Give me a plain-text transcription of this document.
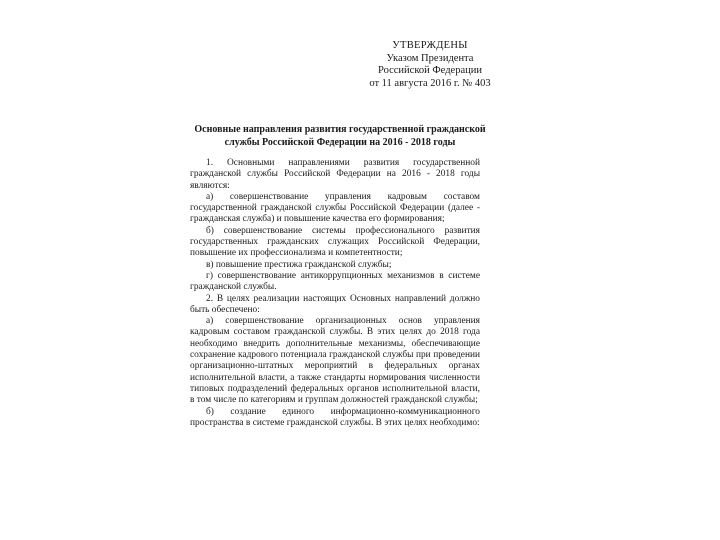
УТВЕРЖДЕНЫ
Указом Президента
Российской Федерации
от 11 августа 2016 г. № 403
Основные направления развития государственной гражданской
службы Российской Федерации на 2016 - 2018 годы

1. Основными направлениями развития государственной гражданской службы Российской Федерации на 2016 - 2018 годы являются:

а) совершенствование управления кадровым составом государственной гражданской службы Российской Федерации (далее - гражданская служба) и повышение качества его формирования;

б) совершенствование системы профессионального развития государственных гражданских служащих Российской Федерации, повышение их профессионализма и компетентности;

в) повышение престижа гражданской службы;

г) совершенствование антикоррупционных механизмов в системе гражданской службы.

2. В целях реализации настоящих Основных направлений должно быть обеспечено:

а) совершенствование организационных основ управления кадровым составом гражданской службы. В этих целях до 2018 года необходимо внедрить дополнительные механизмы, обеспечивающие сохранение кадрового потенциала гражданской службы при проведении организационно-штатных мероприятий в федеральных органах исполнительной власти, а также стандарты нормирования численности типовых подразделений федеральных органов исполнительной власти, в том числе по категориям и группам должностей гражданской службы;

б) создание единого информационно-коммуникационного пространства в системе гражданской службы. В этих целях необходимо:
